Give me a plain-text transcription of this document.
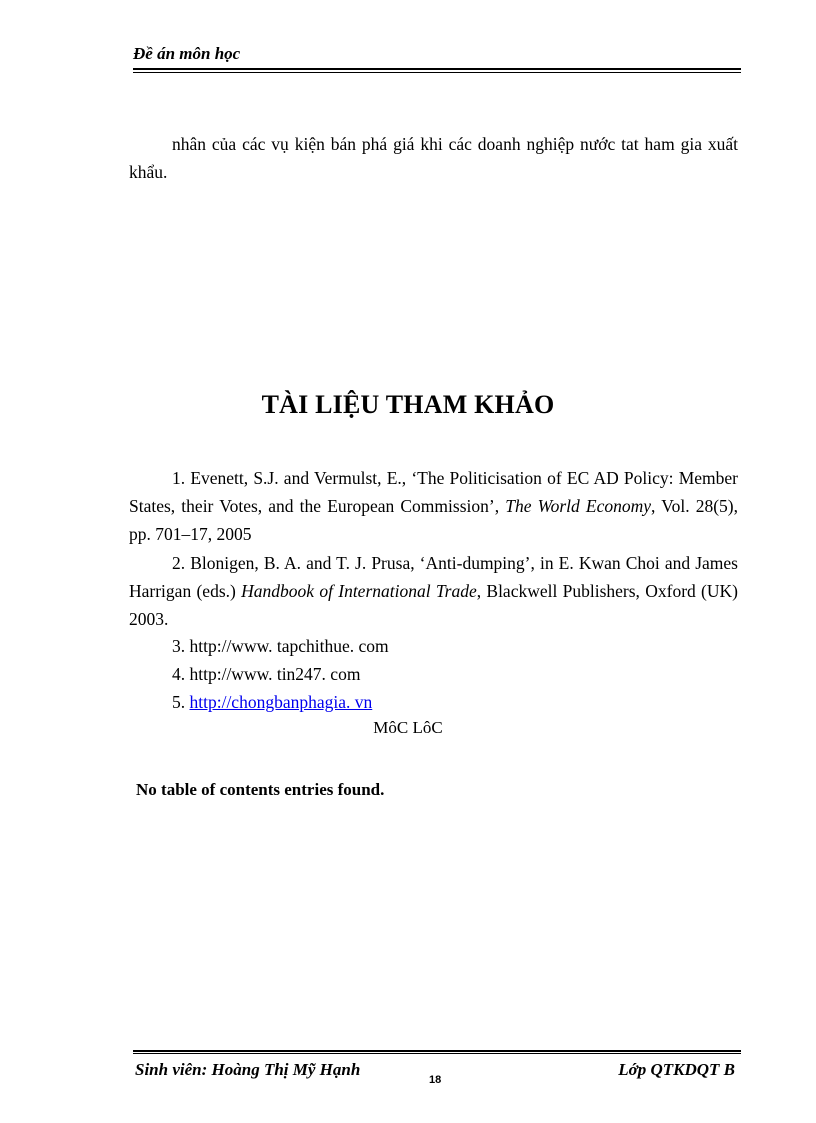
Đề án môn học

nhân của các vụ kiện bán phá giá khi các doanh nghiệp nước tat ham gia xuất khẩu.

TÀI LIỆU THAM KHẢO

1. Evenett, S.J. and Vermulst, E., ‘The Politicisation of EC AD Policy: Member States, their Votes, and the European Commission’, The World Economy, Vol. 28(5), pp. 701–17, 2005

2. Blonigen, B. A. and T. J. Prusa, ‘Anti-dumping’, in E. Kwan Choi and James Harrigan (eds.) Handbook of International Trade, Blackwell Publishers, Oxford (UK) 2003.

3. http://www. tapchithue. com
4. http://www. tin247. com
5. http://chongbanphagia. vn
MôC LôC
No table of contents entries found.
Sinh viên: Hoàng Thị Mỹ Hạnh
18
Lớp QTKDQT B
